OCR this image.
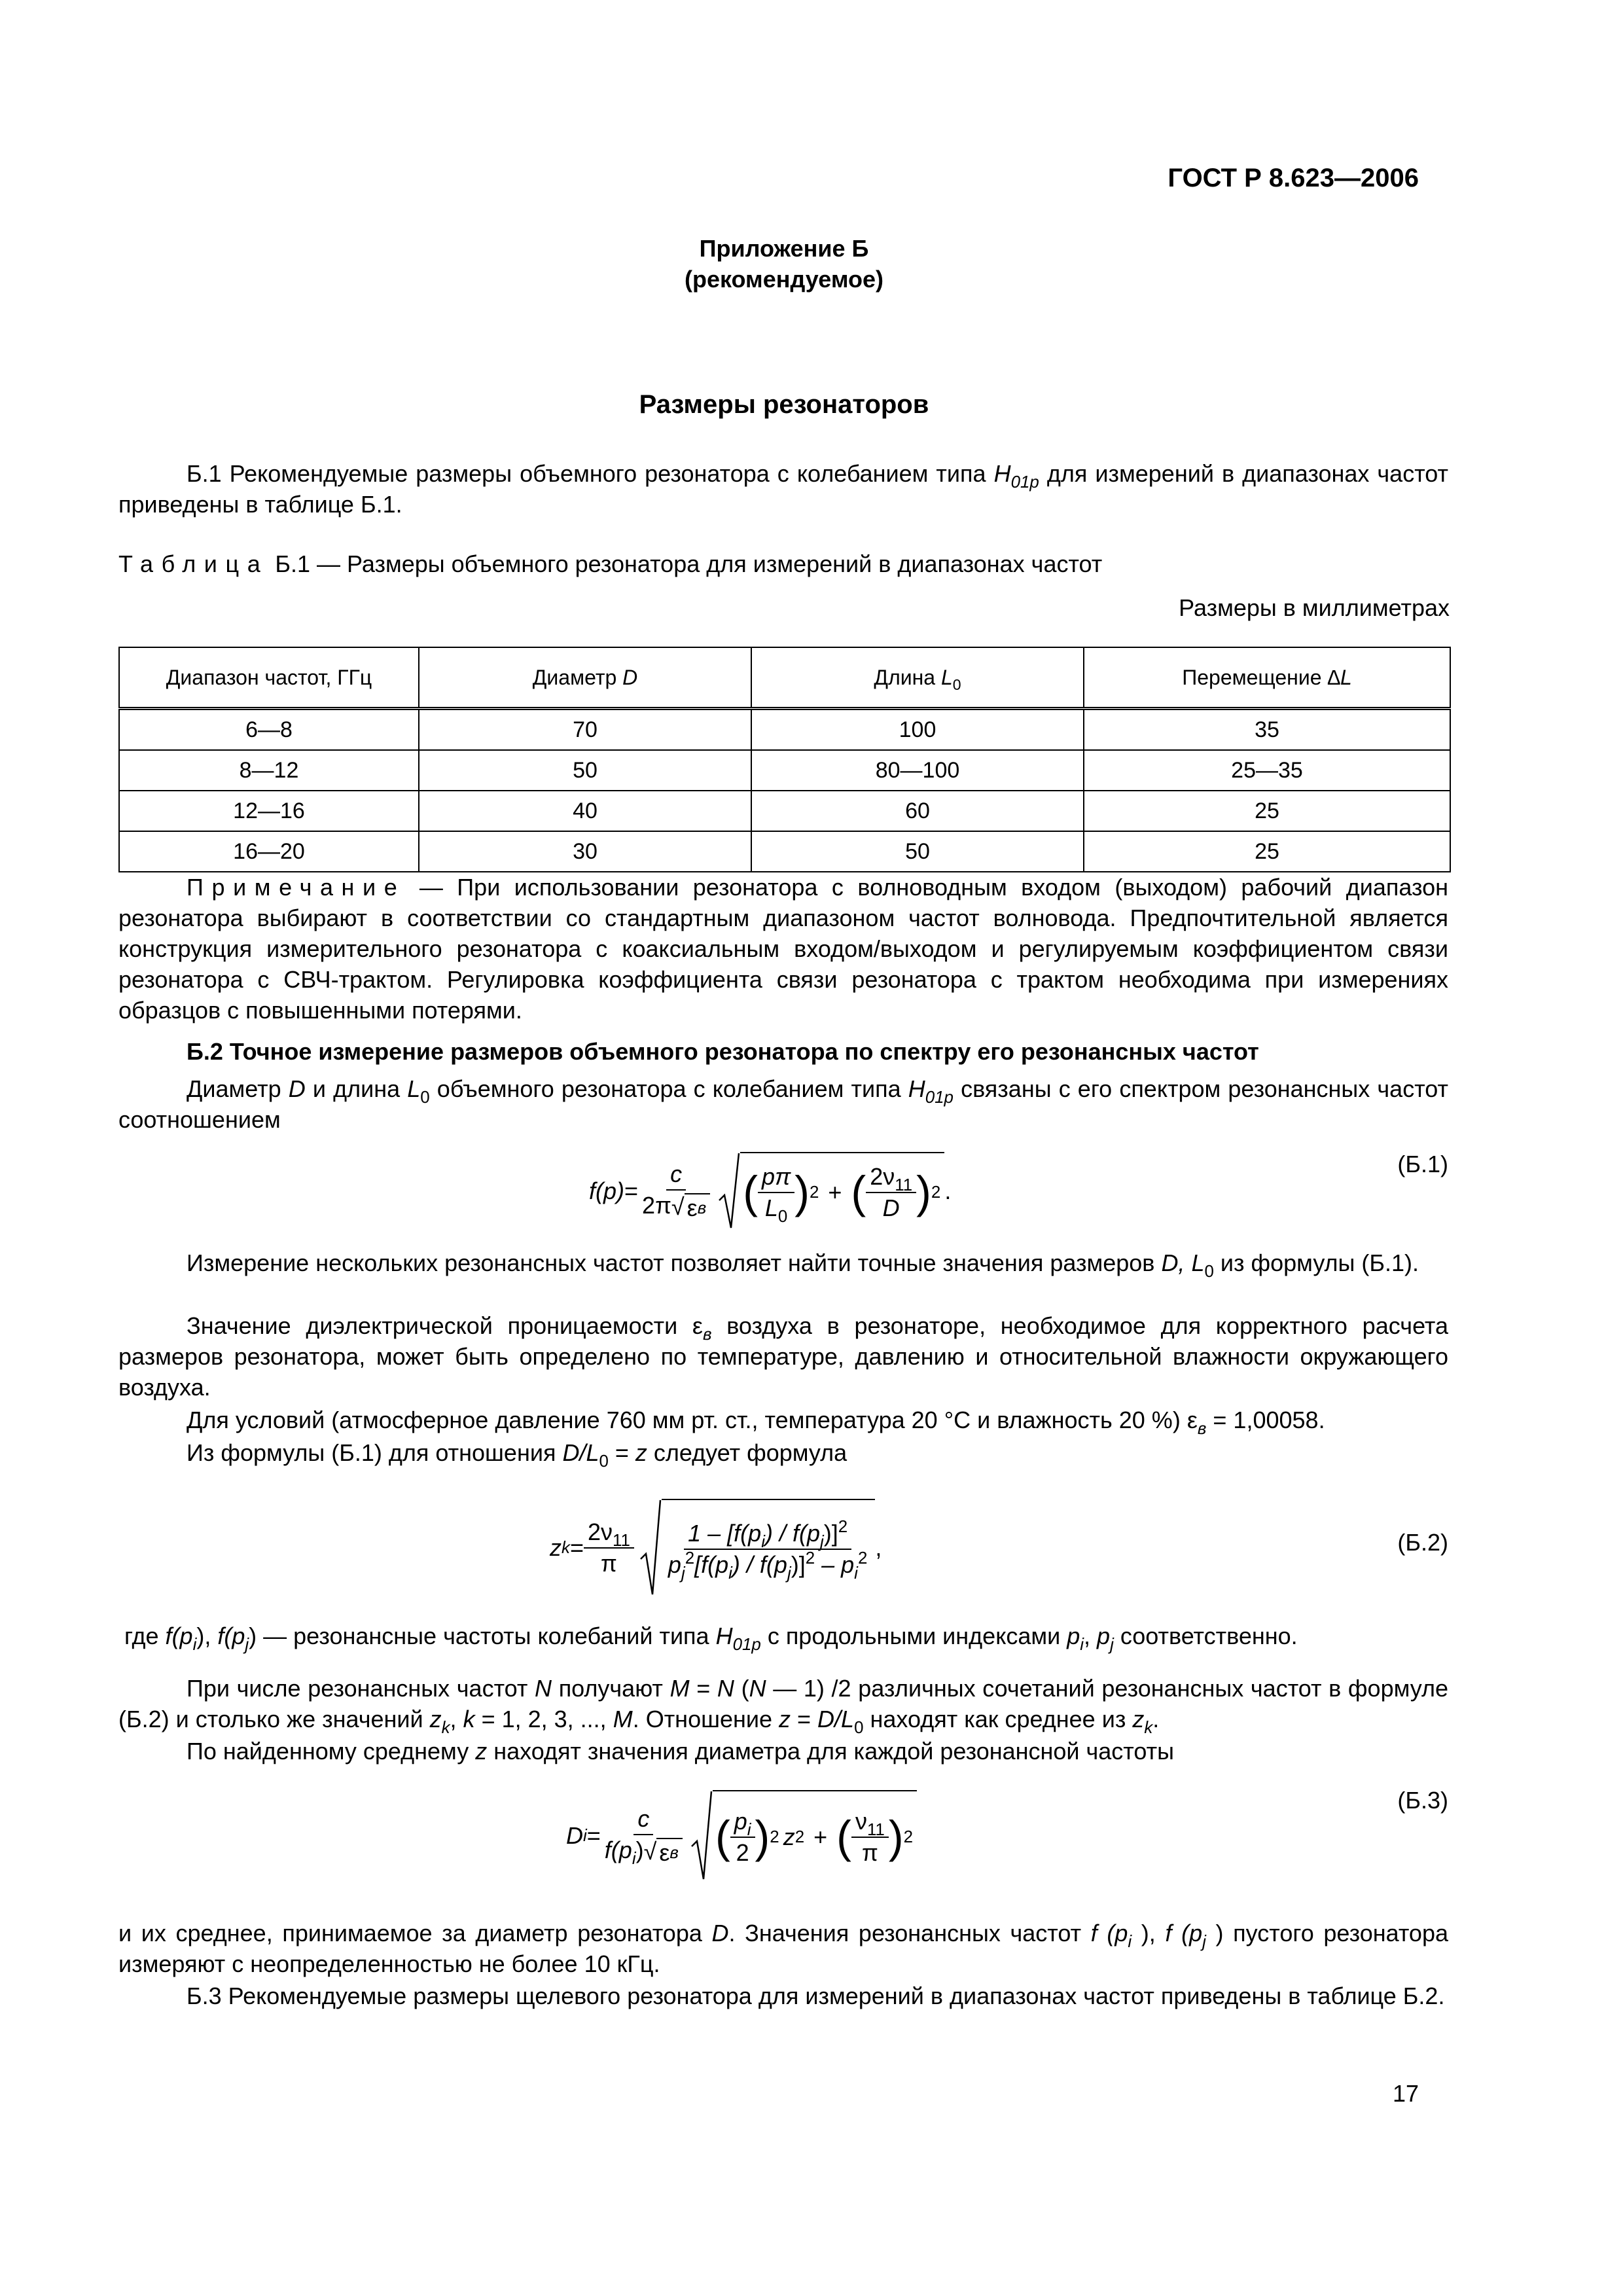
ГОСТ Р 8.623—2006
Приложение Б
(рекомендуемое)
Размеры резонаторов

Б.1 Рекомендуемые размеры объемного резонатора с колебанием типа $H_{01p}$ для измерений в диапазонах частот приведены в таблице Б.1.

Таблица Б.1 — Размеры объемного резонатора для измерений в диапазонах частот

Размеры в миллиметрах
Диапазон частот, ГГц	Диаметр D	Длина $L_0$	Перемещение ∆L
6—8	70	100	35
8—12	50	80—100	25—35
12—16	40	60	25
16—20	30	50	25

Примечание — При использовании резонатора с волноводным входом (выходом) рабочий диапазон резонатора выбирают в соответствии со стандартным диапазоном частот волновода. Предпочтительной является конструкция измерительного резонатора с коаксиальным входом/выходом и регулируемым коэффициентом связи резонатора с СВЧ-трактом. Регулировка коэффициента связи резонатора с трактом необходима при измерениях образцов с повышенными потерями.

Б.2 Точное измерение размеров объемного резонатора по спектру его резонансных частот

Диаметр D и длина $L_0$ объемного резонатора с колебанием типа $H_{01p}$ связаны с его спектром резонансных частот соотношением

f $(p) = \frac{c}{\text{2π √ ε в}}$ ( $\frac{p\pi}{L_0}$ ) 2 + ( $\frac{2\nu_{11}}{D}$ ) 2 .
(Б.1)

Измерение нескольких резонансных частот позволяет найти точные значения размеров D, $L_0$ из формулы (Б.1).

Значение диэлектрической проницаемости $\varepsilon_в$ воздуха в резонаторе, необходимое для корректного расчета размеров резонатора, может быть определено по температуре, давлению и относительной влажности окружающего воздуха.

Для условий (атмосферное давление 760 мм рт. ст., температура 20 °С и влажность 20 %) $\varepsilon_в = 1,00058$.

Из формулы (Б.1) для отношения $D/L_0 = z$ следует формула

z $k = \frac{2\nu_{11}}{\pi} \frac{1 - [f(p_i) / f(p_j)]^2}{p_j^2[f(p_i) / f(p_j)]^2 - p_i^2}$ ,	(Б.2)

где $f(p_i)$, $f(p_j)$ — резонансные частоты колебаний типа $H_{01p}$ с продольными индексами $p_i$, $p_j$ соответственно.

При числе резонансных частот N получают M = N (N — 1) /2 различных сочетаний резонансных частот в формуле (Б.2) и столько же значений $z_k$, k = 1, 2, 3, ..., M. Отношение $z = D/L_0$ находят как среднее из $z_k$.

По найденному среднему z находят значения диаметра для каждой резонансной частоты

D $i = \frac{c}{f(p_i) √ \varepsilon в}$ ( $\frac{p_i}{2}$ ) 2 z 2 + ( $\frac{\nu_{11}}{\pi}$ ) 2
(Б.3)

и их среднее, принимаемое за диаметр резонатора D. Значения резонансных частот f ($p_i$ ), f ($p_j$ ) пустого резонатора измеряют с неопределенностью не более 10 кГц.

Б.3 Рекомендуемые размеры щелевого резонатора для измерений в диапазонах частот приведены в таблице Б.2.

17
